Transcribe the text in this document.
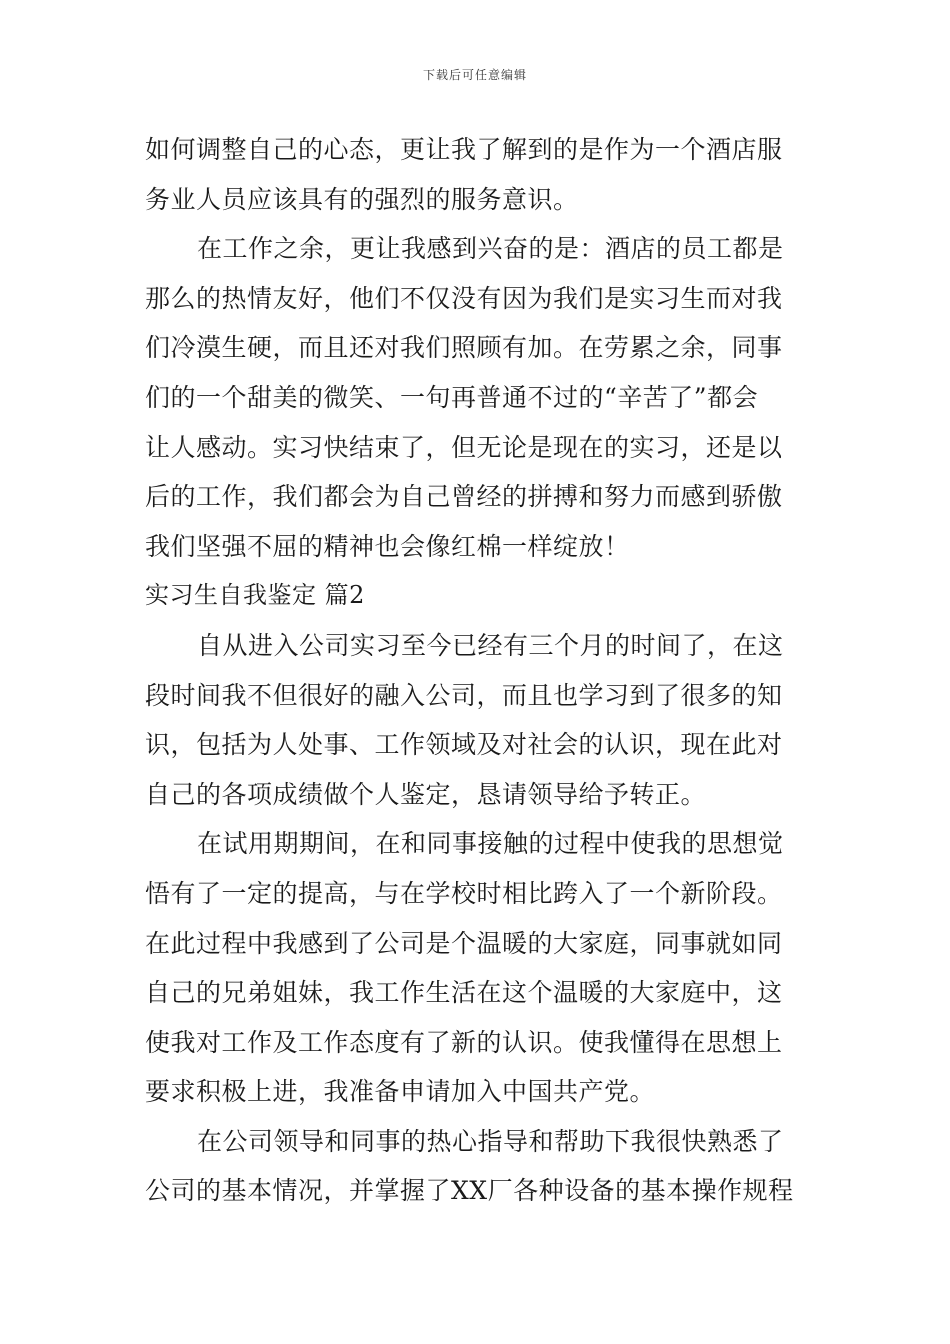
下载后可任意编辑
如何调整自己的心态，更让我了解到的是作为一个酒店服
务业人员应该具有的强烈的服务意识。
在工作之余，更让我感到兴奋的是：酒店的员工都是
那么的热情友好，他们不仅没有因为我们是实习生而对我
们冷漠生硬，而且还对我们照顾有加。在劳累之余，同事
们的一个甜美的微笑、一句再普通不过的“辛苦了”都会
让人感动。实习快结束了，但无论是现在的实习，还是以
后的工作，我们都会为自己曾经的拼搏和努力而感到骄傲
我们坚强不屈的精神也会像红棉一样绽放！
实习生自我鉴定 篇2
自从进入公司实习至今已经有三个月的时间了，在这
段时间我不但很好的融入公司，而且也学习到了很多的知
识，包括为人处事、工作领域及对社会的认识，现在此对
自己的各项成绩做个人鉴定，恳请领导给予转正。
在试用期期间，在和同事接触的过程中使我的思想觉
悟有了一定的提高，与在学校时相比跨入了一个新阶段。
在此过程中我感到了公司是个温暖的大家庭，同事就如同
自己的兄弟姐妹，我工作生活在这个温暖的大家庭中，这
使我对工作及工作态度有了新的认识。使我懂得在思想上
要求积极上进，我准备申请加入中国共产党。
在公司领导和同事的热心指导和帮助下我很快熟悉了
公司的基本情况，并掌握了XX厂各种设备的基本操作规程
